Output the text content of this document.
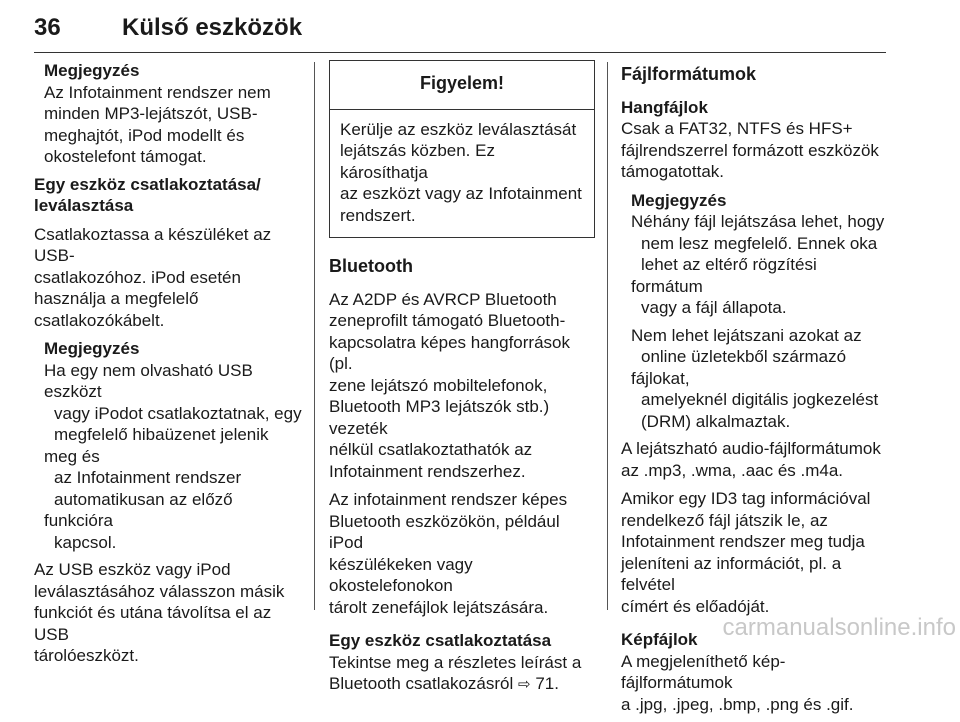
36	Külső eszközök

Megjegyzés
Az Infotainment rendszer nem
minden MP3-lejátszót, USB-
meghajtót, iPod modellt és
okostelefont támogat.

Egy eszköz csatlakoztatása/
leválasztása

Csatlakoztassa a készüléket az USB-
csatlakozóhoz. iPod esetén
használja a megfelelő
csatlakozókábelt.

Megjegyzés
Ha egy nem olvasható USB eszközt
vagy iPodot csatlakoztatnak, egy
megfelelő hibaüzenet jelenik meg és
az Infotainment rendszer
automatikusan az előző funkcióra
kapcsol.

Az USB eszköz vagy iPod
leválasztásához válasszon másik
funkciót és utána távolítsa el az USB
tárolóeszközt.

Figyelem!
Kerülje az eszköz leválasztását
lejátszás közben. Ez károsíthatja
az eszközt vagy az Infotainment
rendszert.
Bluetooth

Az A2DP és AVRCP Bluetooth
zeneprofilt támogató Bluetooth-
kapcsolatra képes hangforrások (pl.
zene lejátszó mobiltelefonok,
Bluetooth MP3 lejátszók stb.) vezeték
nélkül csatlakoztathatók az
Infotainment rendszerhez.

Az infotainment rendszer képes
Bluetooth eszközökön, például iPod
készülékeken vagy okostelefonokon
tárolt zenefájlok lejátszására.

Egy eszköz csatlakoztatása
Tekintse meg a részletes leírást a
Bluetooth csatlakozásról ⇨ 71.

Fájlformátumok

Hangfájlok
Csak a FAT32, NTFS és HFS+
fájlrendszerrel formázott eszközök
támogatottak.

Megjegyzés
Néhány fájl lejátszása lehet, hogy
nem lesz megfelelő. Ennek oka
lehet az eltérő rögzítési formátum
vagy a fájl állapota.

Nem lehet lejátszani azokat az
online üzletekből származó fájlokat,
amelyeknél digitális jogkezelést
(DRM) alkalmaztak.

A lejátszható audio-fájlformátumok
az .mp3, .wma, .aac és .m4a.

Amikor egy ID3 tag információval
rendelkező fájl játszik le, az
Infotainment rendszer meg tudja
jeleníteni az információt, pl. a felvétel
címért és előadóját.

Képfájlok
A megjeleníthető kép-fájlformátumok
a .jpg, .jpeg, .bmp, .png és .gif.

carmanualsonline.info
